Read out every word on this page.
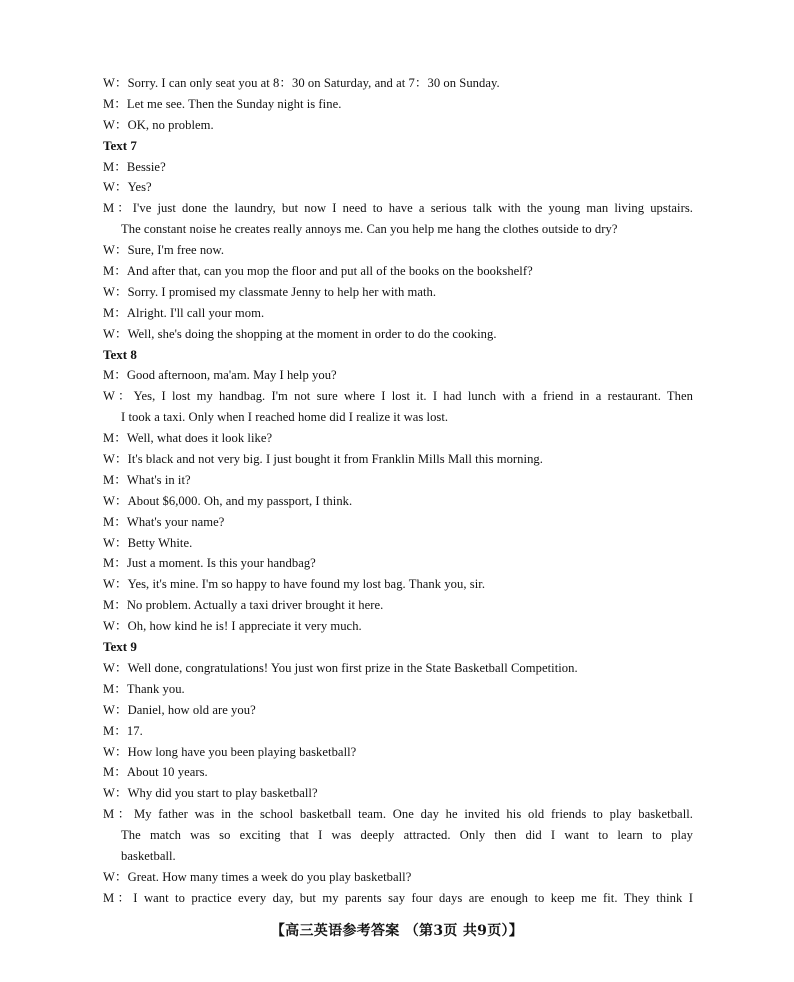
W：Sorry. I can only seat you at 8：30 on Saturday, and at 7：30 on Sunday.
M：Let me see. Then the Sunday night is fine.
W：OK, no problem.
Text 7
M：Bessie?
W：Yes?
M：I've just done the laundry, but now I need to have a serious talk with the young man living upstairs.
The constant noise he creates really annoys me. Can you help me hang the clothes outside to dry?
W：Sure, I'm free now.
M：And after that, can you mop the floor and put all of the books on the bookshelf?
W：Sorry. I promised my classmate Jenny to help her with math.
M：Alright. I'll call your mom.
W：Well, she's doing the shopping at the moment in order to do the cooking.
Text 8
M：Good afternoon, ma'am. May I help you?
W：Yes, I lost my handbag. I'm not sure where I lost it. I had lunch with a friend in a restaurant. Then
I took a taxi. Only when I reached home did I realize it was lost.
M：Well, what does it look like?
W：It's black and not very big. I just bought it from Franklin Mills Mall this morning.
M：What's in it?
W：About $6,000. Oh, and my passport, I think.
M：What's your name?
W：Betty White.
M：Just a moment. Is this your handbag?
W：Yes, it's mine. I'm so happy to have found my lost bag. Thank you, sir.
M：No problem. Actually a taxi driver brought it here.
W：Oh, how kind he is! I appreciate it very much.
Text 9
W：Well done, congratulations! You just won first prize in the State Basketball Competition.
M：Thank you.
W：Daniel, how old are you?
M：17.
W：How long have you been playing basketball?
M：About 10 years.
W：Why did you start to play basketball?
M：My father was in the school basketball team. One day he invited his old friends to play basketball.
The match was so exciting that I was deeply attracted. Only then did I want to learn to play
basketball.
W：Great. How many times a week do you play basketball?
M：I want to practice every day, but my parents say four days are enough to keep me fit. They think I
【高三英语参考答案 （第3页 共9页）】
